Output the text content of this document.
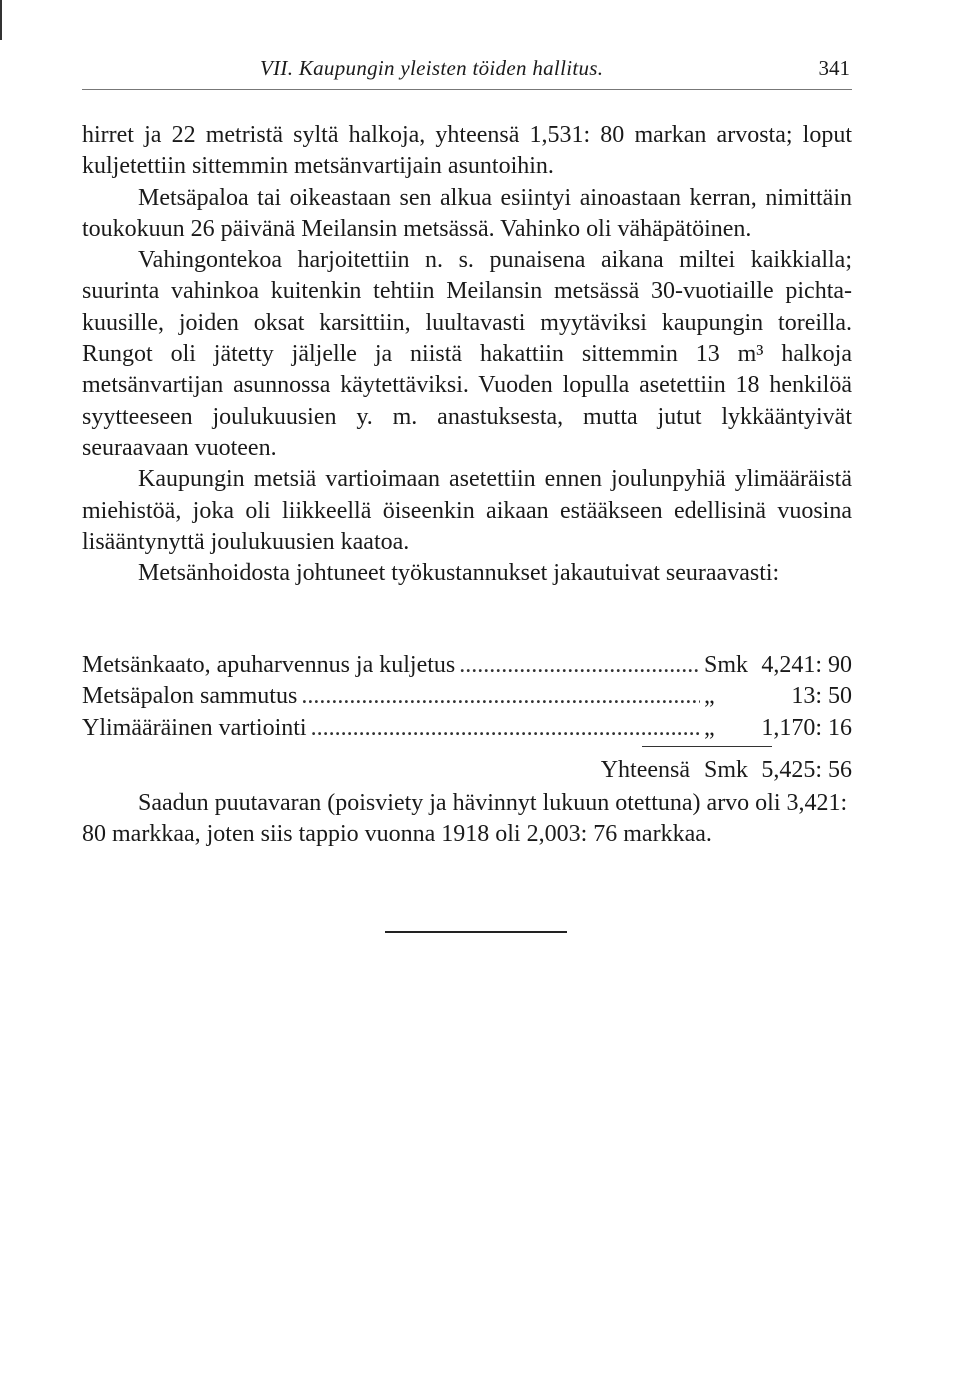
VII. Kaupungin yleisten töiden hallitus.	341

hirret ja 22 metristä syltä halkoja, yhteensä 1,531: 80 markan arvosta; loput kuljetettiin sittemmin metsänvartijain asuntoihin.

Metsäpaloa tai oikeastaan sen alkua esiintyi ainoastaan kerran, nimittäin toukokuun 26 päivänä Meilansin metsässä. Vahinko oli vähäpätöinen.

Vahingontekoa harjoitettiin n. s. punaisena aikana miltei kaikkialla; suurinta vahinkoa kuitenkin tehtiin Meilansin metsässä 30-vuotiaille pichta-kuusille, joiden oksat karsittiin, luultavasti myytäviksi kaupungin toreilla. Rungot oli jätetty jäljelle ja niistä hakattiin sittemmin 13 m³ halkoja metsänvartijan asunnossa käytettäviksi. Vuoden lopulla asetettiin 18 henkilöä syytteeseen joulukuusien y. m. anastuksesta, mutta jutut lykkääntyivät seuraavaan vuoteen.

Kaupungin metsiä vartioimaan asetettiin ennen joulunpyhiä ylimääräistä miehistöä, joka oli liikkeellä öiseenkin aikaan estääkseen edellisinä vuosina lisääntynyttä joulukuusien kaatoa.

Metsänhoidosta johtuneet työkustannukset jakautuivat seuraavasti:

Metsänkaato, apuharvennus ja kuljetus . . .	Smk 4,241: 90
Metsäpalon sammutus . . .	„	13: 50
Ylimääräinen vartiointi . . .	„	1,170: 16
Yhteensä Smk 5,425: 56

Saadun puutavaran (poisviety ja hävinnyt lukuun otettuna) arvo oli 3,421: 80 markkaa, joten siis tappio vuonna 1918 oli 2,003: 76 markkaa.
